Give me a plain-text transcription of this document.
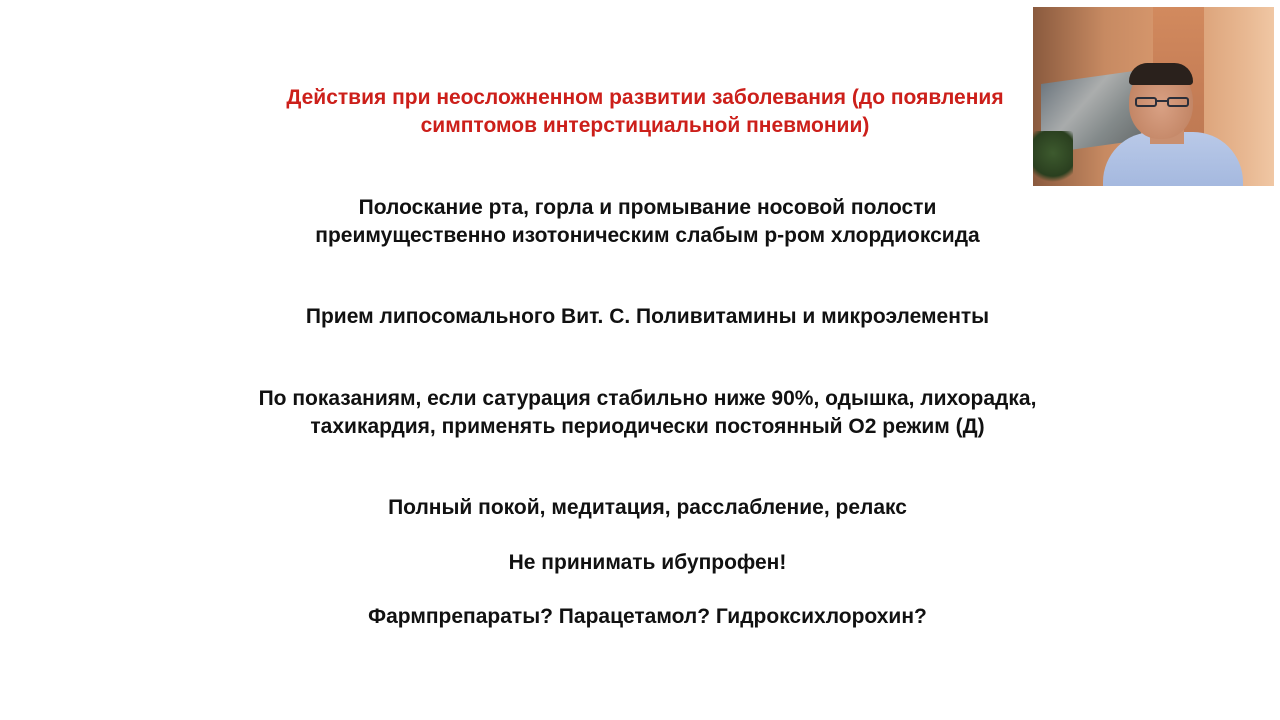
Действия при неосложненном развитии заболевания (до появления
симптомов интерстициальной пневмонии)
Полоскание рта, горла и промывание носовой полости
преимущественно изотоническим слабым р-ром хлордиоксида
Прием липосомального Вит. С. Поливитамины и микроэлементы
По показаниям, если сатурация стабильно ниже 90%, одышка, лихорадка,
тахикардия, применять периодически постоянный О2 режим (Д)
Полный покой, медитация, расслабление, релакс
Не принимать ибупрофен!
Фармпрепараты? Парацетамол? Гидроксихлорохин?
